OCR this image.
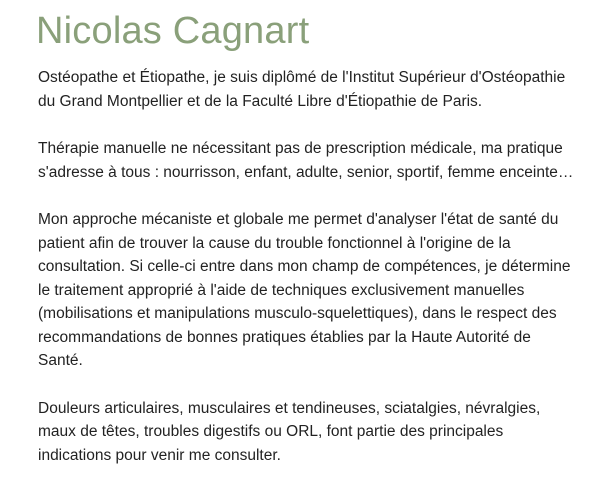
Nicolas Cagnart

Ostéopathe et Étiopathe, je suis diplômé de l'Institut Supérieur d'Ostéopathie du Grand Montpellier et de la Faculté Libre d'Étiopathie de Paris.

Thérapie manuelle ne nécessitant pas de prescription médicale, ma pratique s'adresse à tous : nourrisson, enfant, adulte, senior, sportif, femme enceinte…

Mon approche mécaniste et globale me permet d'analyser l'état de santé du patient afin de trouver la cause du trouble fonctionnel à l'origine de la consultation. Si celle-ci entre dans mon champ de compétences, je détermine le traitement approprié à l'aide de techniques exclusivement manuelles (mobilisations et manipulations musculo-squelettiques), dans le respect des recommandations de bonnes pratiques établies par la Haute Autorité de Santé.

Douleurs articulaires, musculaires et tendineuses, sciatalgies, névralgies, maux de têtes, troubles digestifs ou ORL, font partie des principales indications pour venir me consulter.
